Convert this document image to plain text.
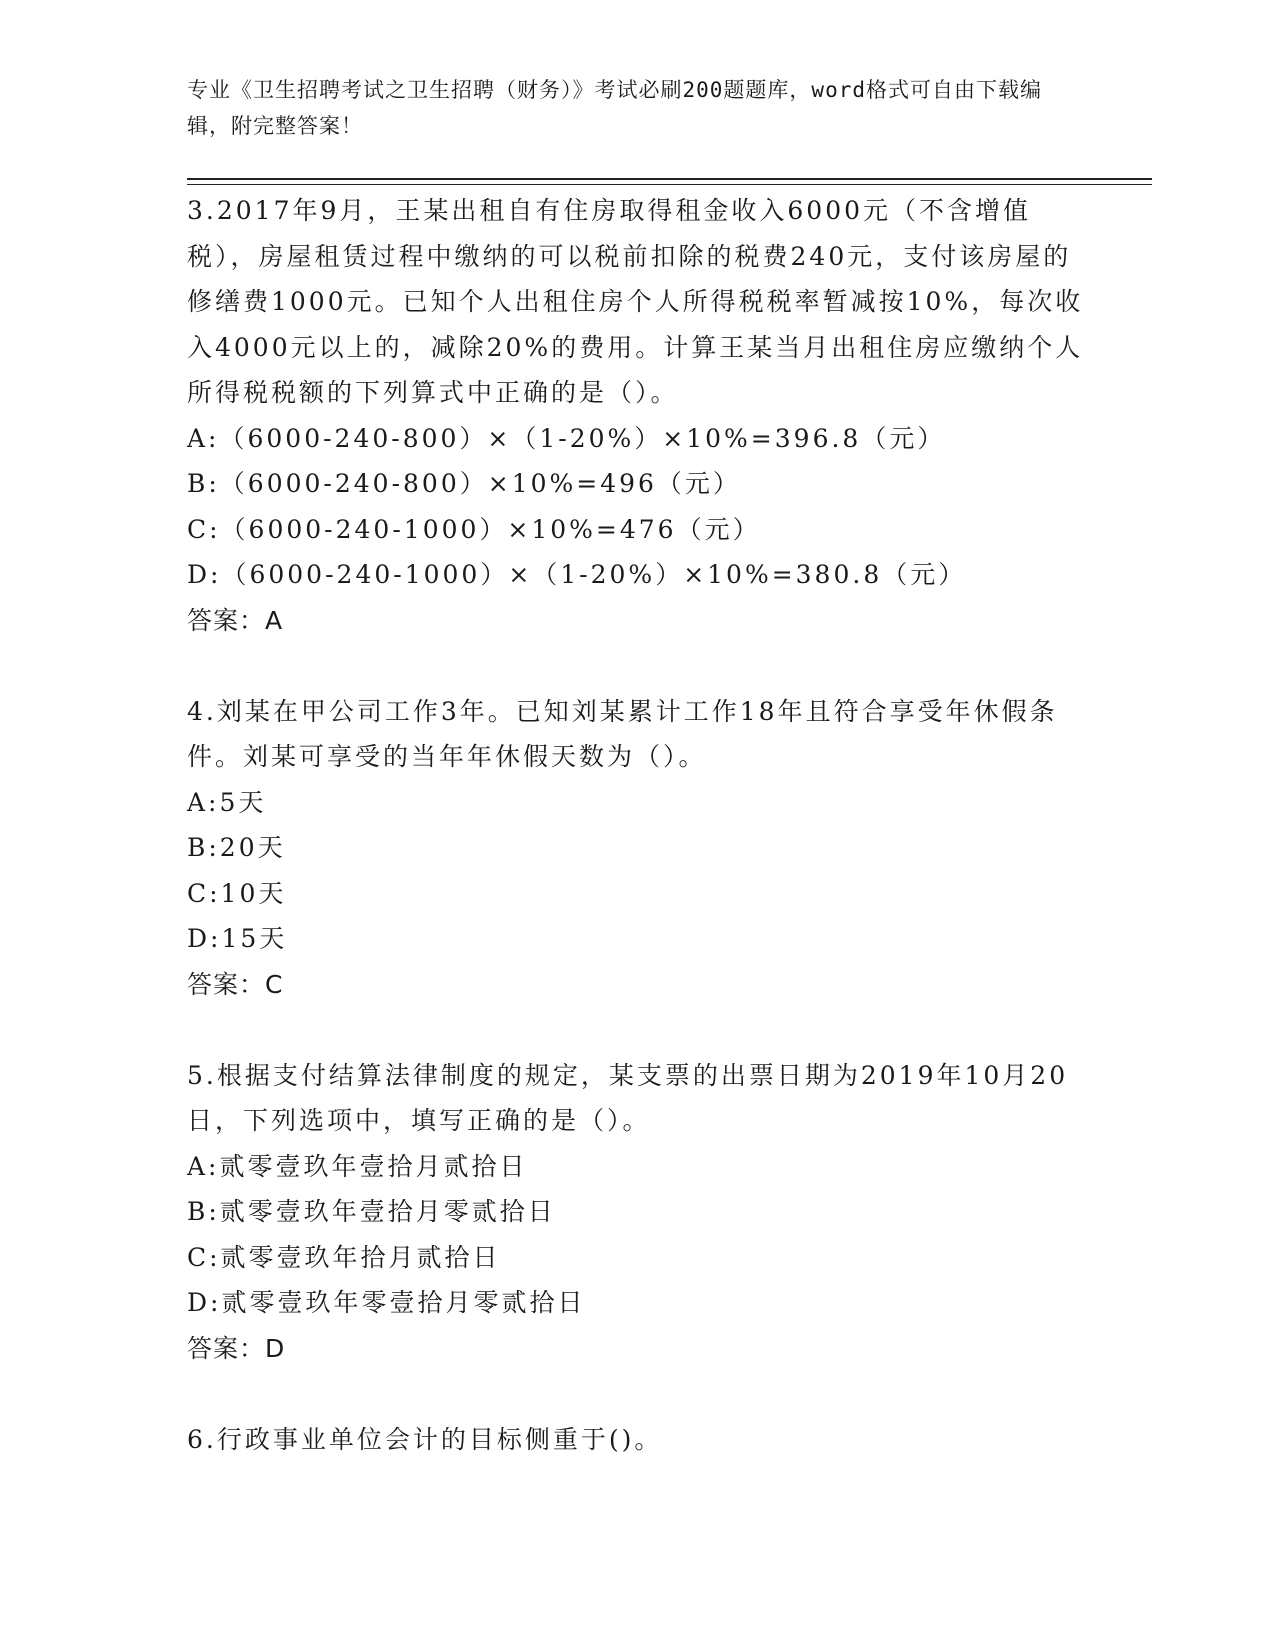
专业《卫生招聘考试之卫生招聘（财务）》考试必刷200题题库，word格式可自由下载编辑，附完整答案！

3.2017年9月，王某出租自有住房取得租金收入6000元（不含增值税），房屋租赁过程中缴纳的可以税前扣除的税费240元，支付该房屋的修缮费1000元。已知个人出租住房个人所得税税率暂减按10%，每次收入4000元以上的，减除20%的费用。计算王某当月出租住房应缴纳个人所得税税额的下列算式中正确的是（）。

A:（6000-240-800）×（1-20%）×10%=396.8（元）

B:（6000-240-800）×10%=496（元）

C:（6000-240-1000）×10%=476（元）

D:（6000-240-1000）×（1-20%）×10%=380.8（元）

答案：A

4.刘某在甲公司工作3年。已知刘某累计工作18年且符合享受年休假条件。刘某可享受的当年年休假天数为（）。

A:5天

B:20天

C:10天

D:15天

答案：C

5.根据支付结算法律制度的规定，某支票的出票日期为2019年10月20日，下列选项中，填写正确的是（）。

A:贰零壹玖年壹拾月贰拾日

B:贰零壹玖年壹拾月零贰拾日

C:贰零壹玖年拾月贰拾日

D:贰零壹玖年零壹拾月零贰拾日

答案：D

6.行政事业单位会计的目标侧重于()。
